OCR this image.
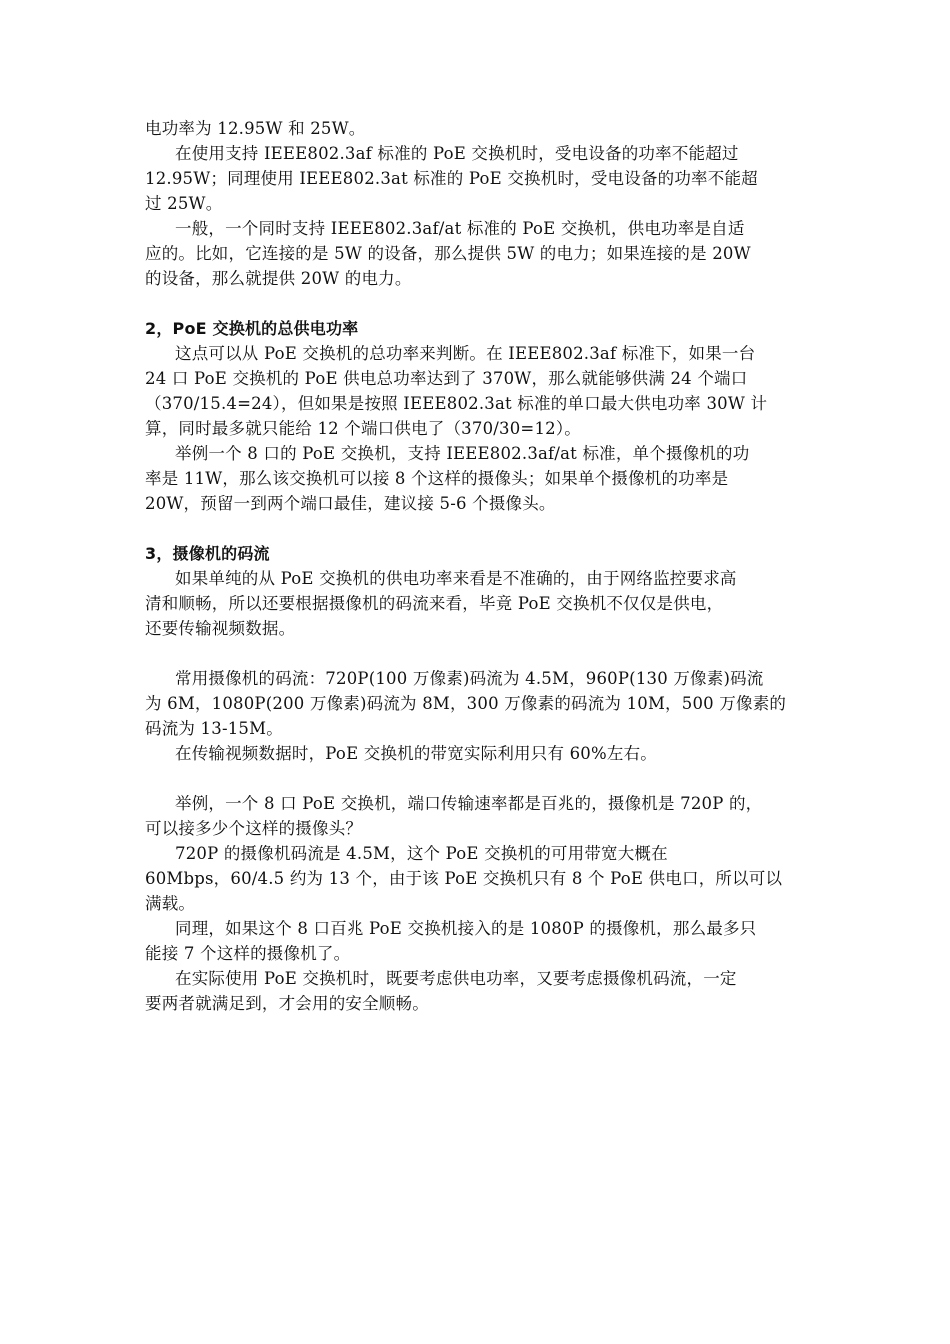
电功率为 12.95W 和 25W。
在使用支持 IEEE802.3af 标准的 PoE 交换机时，受电设备的功率不能超过
12.95W；同理使用 IEEE802.3at 标准的 PoE 交换机时，受电设备的功率不能超
过 25W。
一般，一个同时支持 IEEE802.3af/at 标准的 PoE 交换机，供电功率是自适
应的。比如，它连接的是 5W 的设备，那么提供 5W 的电力；如果连接的是 20W
的设备，那么就提供 20W 的电力。
2，PoE 交换机的总供电功率
这点可以从 PoE 交换机的总功率来判断。在 IEEE802.3af 标准下，如果一台
24 口 PoE 交换机的 PoE 供电总功率达到了 370W，那么就能够供满 24 个端口
（370/15.4=24），但如果是按照 IEEE802.3at 标准的单口最大供电功率 30W 计
算，同时最多就只能给 12 个端口供电了（370/30=12）。
举例一个 8 口的 PoE 交换机，支持 IEEE802.3af/at 标准，单个摄像机的功
率是 11W，那么该交换机可以接 8 个这样的摄像头；如果单个摄像机的功率是
20W，预留一到两个端口最佳，建议接 5-6 个摄像头。
3，摄像机的码流
如果单纯的从 PoE 交换机的供电功率来看是不准确的，由于网络监控要求高
清和顺畅，所以还要根据摄像机的码流来看，毕竟 PoE 交换机不仅仅是供电，
还要传输视频数据。
常用摄像机的码流：720P(100 万像素)码流为 4.5M，960P(130 万像素)码流
为 6M，1080P(200 万像素)码流为 8M，300 万像素的码流为 10M，500 万像素的
码流为 13-15M。
在传输视频数据时，PoE 交换机的带宽实际利用只有 60%左右。
举例，一个 8 口 PoE 交换机，端口传输速率都是百兆的，摄像机是 720P 的，
可以接多少个这样的摄像头？
720P 的摄像机码流是 4.5M，这个 PoE 交换机的可用带宽大概在
60Mbps，60/4.5 约为 13 个，由于该 PoE 交换机只有 8 个 PoE 供电口，所以可以
满载。
同理，如果这个 8 口百兆 PoE 交换机接入的是 1080P 的摄像机，那么最多只
能接 7 个这样的摄像机了。
在实际使用 PoE 交换机时，既要考虑供电功率，又要考虑摄像机码流，一定
要两者就满足到，才会用的安全顺畅。
